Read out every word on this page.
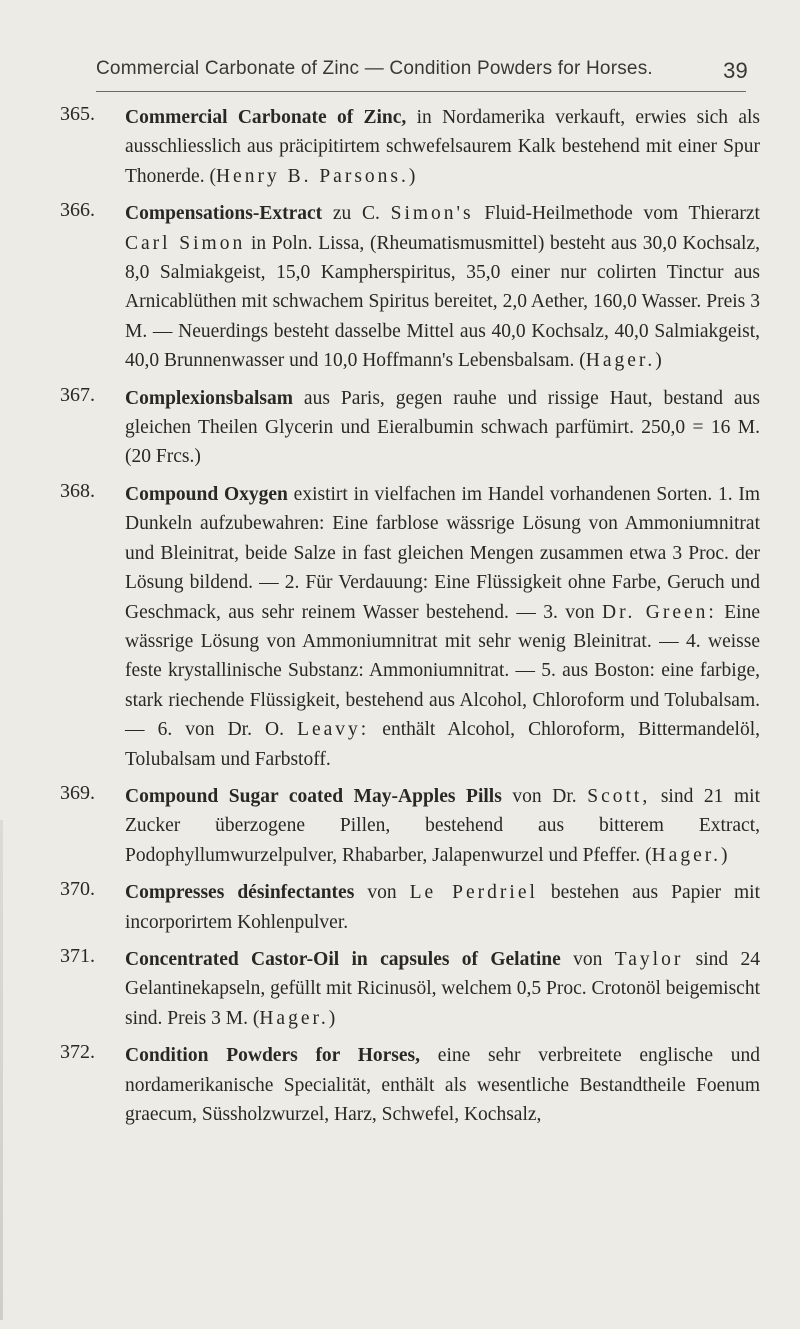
Commercial Carbonate of Zinc — Condition Powders for Horses.	39
365. Commercial Carbonate of Zinc, in Nordamerika verkauft, erwies sich als ausschliesslich aus präcipitirtem schwefelsaurem Kalk bestehend mit einer Spur Thonerde. (Henry B. Parsons.)

366. Compensations-Extract zu C. Simon's Fluid-Heilmethode vom Thierarzt Carl Simon in Poln. Lissa, (Rheumatismusmittel) besteht aus 30,0 Kochsalz, 8,0 Salmiakgeist, 15,0 Kampherspiritus, 35,0 einer nur colirten Tinctur aus Arnicablüthen mit schwachem Spiritus bereitet, 2,0 Aether, 160,0 Wasser. Preis 3 M. — Neuerdings besteht dasselbe Mittel aus 40,0 Kochsalz, 40,0 Salmiakgeist, 40,0 Brunnenwasser und 10,0 Hoffmann's Lebensbalsam. (Hager.)

367. Complexionsbalsam aus Paris, gegen rauhe und rissige Haut, bestand aus gleichen Theilen Glycerin und Eieralbumin schwach parfümirt. 250,0 = 16 M. (20 Frcs.)

368. Compound Oxygen existirt in vielfachen im Handel vorhandenen Sorten. 1. Im Dunkeln aufzubewahren: Eine farblose wässrige Lösung von Ammoniumnitrat und Bleinitrat, beide Salze in fast gleichen Mengen zusammen etwa 3 Proc. der Lösung bildend. — 2. Für Verdauung: Eine Flüssigkeit ohne Farbe, Geruch und Geschmack, aus sehr reinem Wasser bestehend. — 3. von Dr. Green: Eine wässrige Lösung von Ammoniumnitrat mit sehr wenig Bleinitrat. — 4. weisse feste krystallinische Substanz: Ammoniumnitrat. — 5. aus Boston: eine farbige, stark riechende Flüssigkeit, bestehend aus Alcohol, Chloroform und Tolubalsam. — 6. von Dr. O. Leavy: enthält Alcohol, Chloroform, Bittermandelöl, Tolubalsam und Farbstoff.

369. Compound Sugar coated May-Apples Pills von Dr. Scott, sind 21 mit Zucker überzogene Pillen, bestehend aus bitterem Extract, Podophyllumwurzelpulver, Rhabarber, Jalapenwurzel und Pfeffer. (Hager.)

370. Compresses désinfectantes von Le Perdriel bestehen aus Papier mit incorporirtem Kohlenpulver.

371. Concentrated Castor-Oil in capsules of Gelatine von Taylor sind 24 Gelantinekapseln, gefüllt mit Ricinusöl, welchem 0,5 Proc. Crotonöl beigemischt sind. Preis 3 M. (Hager.)

372. Condition Powders for Horses, eine sehr verbreitete englische und nordamerikanische Specialität, enthält als wesentliche Bestandtheile Foenum graecum, Süssholzwurzel, Harz, Schwefel, Kochsalz,
